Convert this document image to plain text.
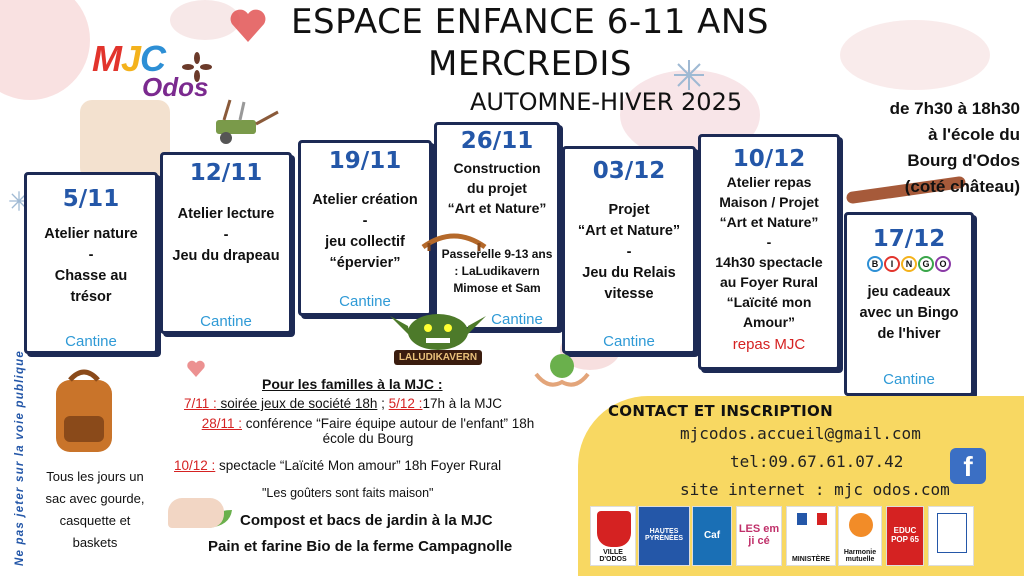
ESPACE ENFANCE 6-11 ANS
MERCREDIS
AUTOMNE-HIVER 2025
MJC
Odos
de 7h30 à 18h30
à l'école du
Bourg d'Odos
(coté château)
5/11
Atelier nature
-
Chasse au
trésor
Cantine
12/11
Atelier lecture
-
Jeu du drapeau
Cantine
19/11
Atelier création
-
jeu collectif
“épervier”
Cantine
26/11
Construction
du projet
“Art et Nature”
Passerelle 9-13 ans
: LaLudikavern
Mimose et Sam
Cantine
03/12
Projet
“Art et Nature”
-
Jeu du Relais
vitesse
Cantine
10/12
Atelier repas
Maison / Projet
“Art et Nature”
-
14h30 spectacle
au Foyer Rural
“Laïcité mon
Amour”
repas MJC
17/12
B	I	N	G	O
jeu cadeaux
avec un Bingo
de l'hiver
Cantine
LALUDIKAVERN
Pour les familles à la MJC :
7/11 : soirée jeux de société 18h ; 5/12 :17h à la MJC
28/11 : conférence “Faire équipe autour de l'enfant” 18h
école du Bourg
10/12 : spectacle “Laïcité Mon amour” 18h Foyer Rural
"Les goûters sont faits maison"
Compost et bacs de jardin à la MJC
Pain et farine Bio de la ferme Campagnolle
Tous les jours un
sac avec gourde,
casquette et
baskets
Ne pas jeter sur la voie publique	CONTACT ET INSCRIPTION
mjcodos.accueil@gmail.com
tel:09.67.61.07.42
site internet : mjc odos.com
f
VILLE D'ODOS
HAUTES PYRÉNÉES	Caf LES em ji cé
MINISTÈRE
Harmonie mutuelle
EDUC POP 65
